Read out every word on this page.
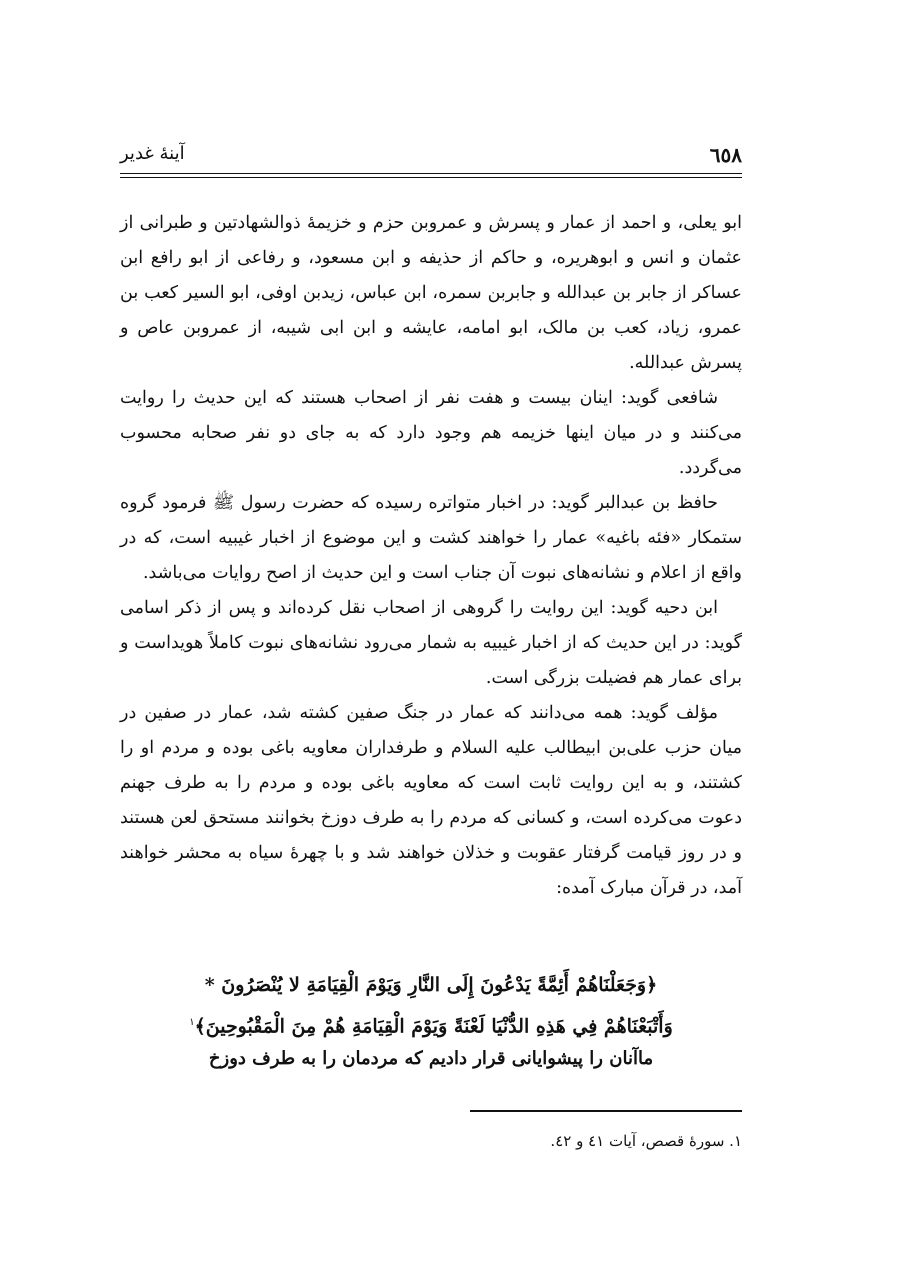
٦٥٨
آینهٔ غدیر

ابو یعلی، و احمد از عمار و پسرش و عمروبن حزم و خزیمهٔ ذوالشهادتین و طبرانی از عثمان و انس و ابوهریره، و حاکم از حذیفه و ابن مسعود، و رفاعی از ابو رافع ابن عساکر از جابر بن عبدالله و جابربن سمره، ابن عباس، زیدبن اوفی، ابو السیر کعب بن عمرو، زیاد، کعب بن مالک، ابو امامه، عایشه و ابن ابی شیبه، از عمروبن عاص و پسرش عبدالله.

شافعی گوید: اینان بیست و هفت نفر از اصحاب هستند که این حدیث را روایت می‌کنند و در میان اینها خزیمه هم وجود دارد که به جای دو نفر صحابه محسوب می‌گردد.

حافظ بن عبدالبر گوید: در اخبار متواتره رسیده که حضرت رسول ﷺ فرمود گروه ستمکار «فئه باغیه» عمار را خواهند کشت و این موضوع از اخبار غیبیه است، که در واقع از اعلام و نشانه‌های نبوت آن جناب است و این حدیث از اصح روایات می‌باشد.

ابن دحیه گوید: این روایت را گروهی از اصحاب نقل کرده‌اند و پس از ذکر اسامی گوید: در این حدیث که از اخبار غیبیه به شمار می‌رود نشانه‌های نبوت کاملاً هویداست و برای عمار هم فضیلت بزرگی است.

مؤلف گوید: همه می‌دانند که عمار در جنگ صفین کشته شد، عمار در صفین در میان حزب علی‌بن ابیطالب علیه السلام و طرفداران معاویه باغی بوده و مردم او را کشتند، و به این روایت ثابت است که معاویه باغی بوده و مردم را به طرف جهنم دعوت می‌کرده است، و کسانی که مردم را به طرف دوزخ بخوانند مستحق لعن هستند و در روز قیامت گرفتار عقوبت و خذلان خواهند شد و با چهرهٔ سیاه به محشر خواهند آمد، در قرآن مبارک آمده:

﴿وَجَعَلْنَاهُمْ أَئِمَّةً يَدْعُونَ إِلَى النَّارِ وَيَوْمَ الْقِيَامَةِ لا يُنْصَرُونَ *
وَأَتْبَعْنَاهُمْ فِي هَذِهِ الدُّنْيَا لَعْنَةً وَيَوْمَ الْقِيَامَةِ هُمْ مِنَ الْمَقْبُوحِينَ﴾$^١$
ماآنان را پیشوایانی قرار دادیم که مردمان را به طرف دوزخ
١. سورهٔ قصص، آیات ٤١ و ٤٢.
